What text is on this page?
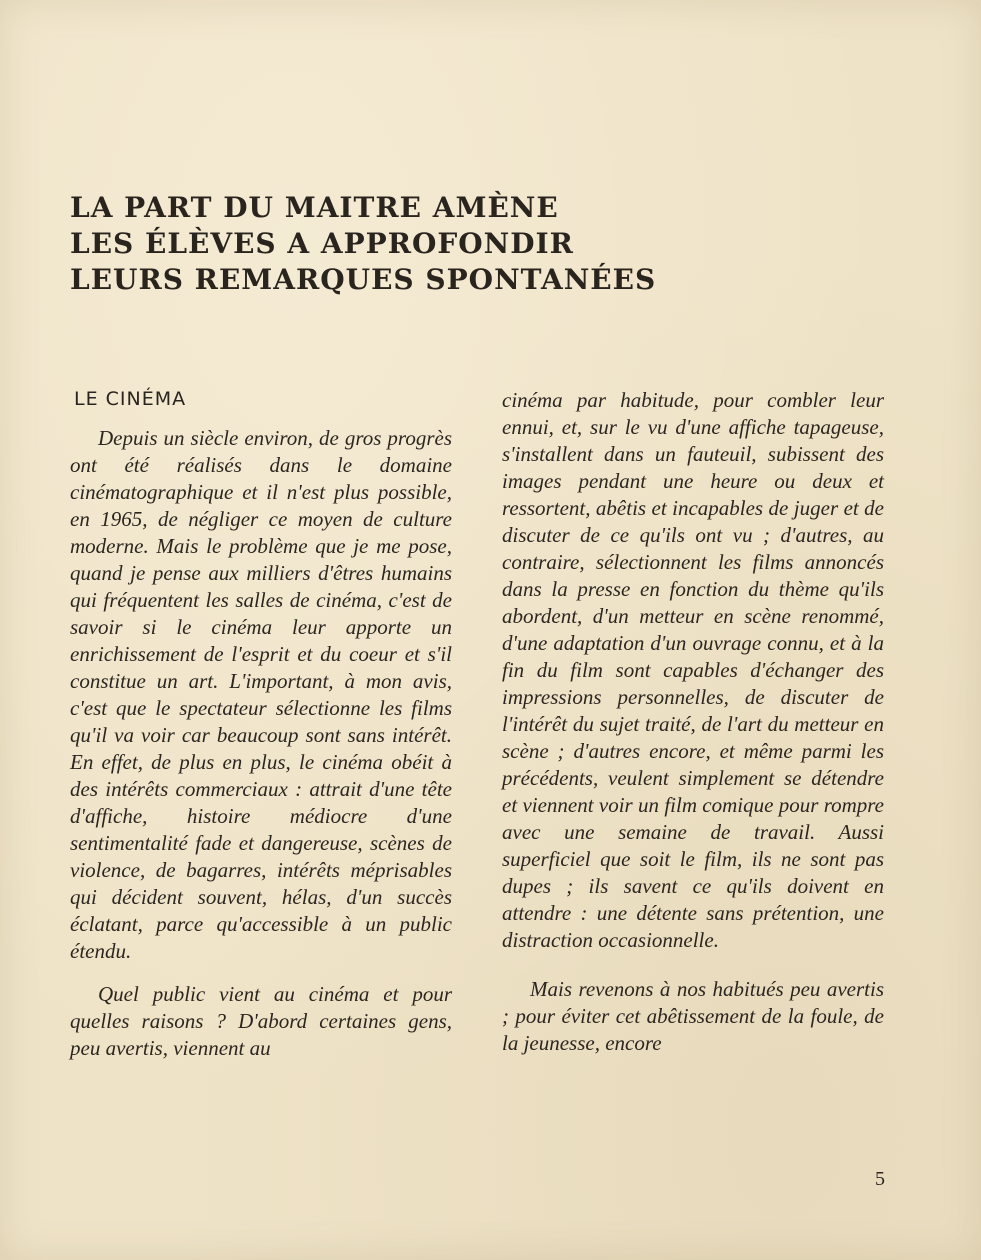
LA PART DU MAITRE AMÈNE
LES ÉLÈVES A APPROFONDIR
LEURS REMARQUES SPONTANÉES
LE CINÉMA

Depuis un siècle environ, de gros progrès ont été réalisés dans le domaine cinématographique et il n'est plus possible, en 1965, de négliger ce moyen de culture moderne. Mais le problème que je me pose, quand je pense aux milliers d'êtres humains qui fréquentent les salles de cinéma, c'est de savoir si le cinéma leur apporte un enrichissement de l'esprit et du coeur et s'il constitue un art. L'important, à mon avis, c'est que le spectateur sélectionne les films qu'il va voir car beaucoup sont sans intérêt. En effet, de plus en plus, le cinéma obéit à des intérêts commerciaux : attrait d'une tête d'affiche, histoire médiocre d'une sentimentalité fade et dangereuse, scènes de violence, de bagarres, intérêts méprisables qui décident souvent, hélas, d'un succès éclatant, parce qu'accessible à un public étendu.

Quel public vient au cinéma et pour quelles raisons ? D'abord certaines gens, peu avertis, viennent au

cinéma par habitude, pour combler leur ennui, et, sur le vu d'une affiche tapageuse, s'installent dans un fauteuil, subissent des images pendant une heure ou deux et ressortent, abêtis et incapables de juger et de discuter de ce qu'ils ont vu ; d'autres, au contraire, sélectionnent les films annoncés dans la presse en fonction du thème qu'ils abordent, d'un metteur en scène renommé, d'une adaptation d'un ouvrage connu, et à la fin du film sont capables d'échanger des impressions personnelles, de discuter de l'intérêt du sujet traité, de l'art du metteur en scène ; d'autres encore, et même parmi les précédents, veulent simplement se détendre et viennent voir un film comique pour rompre avec une semaine de travail. Aussi superficiel que soit le film, ils ne sont pas dupes ; ils savent ce qu'ils doivent en attendre : une détente sans prétention, une distraction occasionnelle.

Mais revenons à nos habitués peu avertis ; pour éviter cet abêtissement de la foule, de la jeunesse, encore

5
